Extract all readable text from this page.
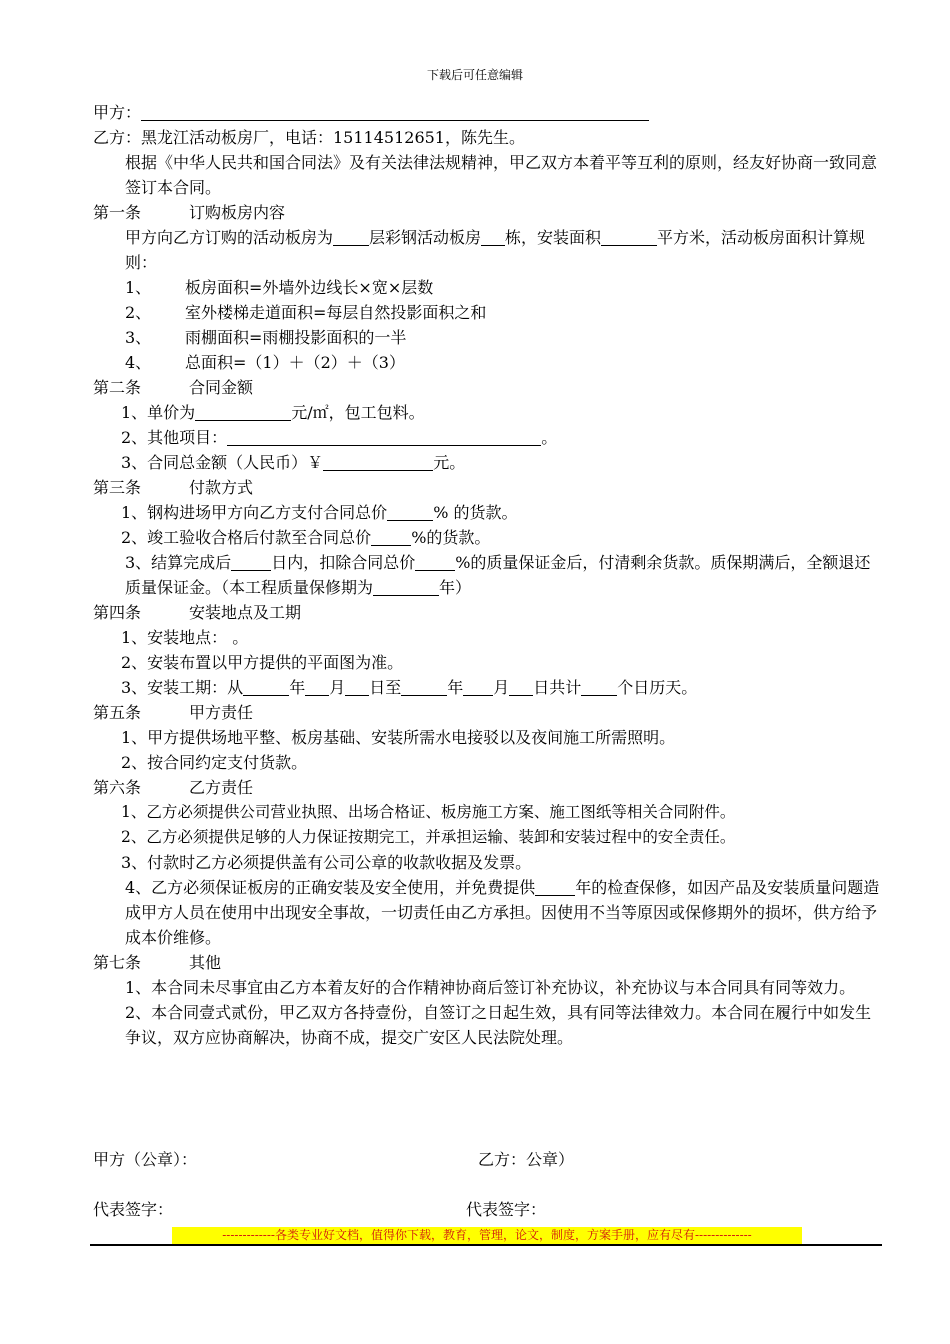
下载后可任意编辑
甲方：
乙方：黑龙江活动板房厂，电话：15114512651，陈先生。
根据《中华人民共和国合同法》及有关法律法规精神，甲乙双方本着平等互利的原则，经友好协商一致同意签订本合同。
第一条	订购板房内容
甲方向乙方订购的活动板房为 层彩钢活动板房 栋，安装面积	平方米，活动板房面积计算规则：
1、 板房面积=外墙外边线长×宽×层数
2、 室外楼梯走道面积=每层自然投影面积之和
3、 雨棚面积=雨棚投影面积的一半
4、 总面积=（1）＋（2）＋（3）
第二条	合同金额
1、单价为	元/㎡，包工包料。
2、其他项目：	。
3、合同总金额（人民币）￥	元。
第三条	付款方式
1、钢构进场甲方向乙方支付合同总价	% 的货款。
2、竣工验收合格后付款至合同总价	%的货款。
3、结算完成后	日内，扣除合同总价	%的质量保证金后，付清剩余货款。质保期满后，全额退还质量保证金。（本工程质量保修期为	年）
第四条	安装地点及工期
1、安装地点： 。
2、安装布置以甲方提供的平面图为准。
3、安装工期：从	年 月 日至	年 月 日共计 个日历天。
第五条	甲方责任
1、甲方提供场地平整、板房基础、安装所需水电接驳以及夜间施工所需照明。
2、按合同约定支付货款。
第六条	乙方责任
1、乙方必须提供公司营业执照、出场合格证、板房施工方案、施工图纸等相关合同附件。
2、乙方必须提供足够的人力保证按期完工，并承担运输、装卸和安装过程中的安全责任。
3、付款时乙方必须提供盖有公司公章的收款收据及发票。
4、乙方必须保证板房的正确安装及安全使用，并免费提供	年的检查保修，如因产品及安装质量问题造成甲方人员在使用中出现安全事故，一切责任由乙方承担。因使用不当等原因或保修期外的损坏，供方给予成本价维修。
第七条	其他
1、本合同未尽事宜由乙方本着友好的合作精神协商后签订补充协议，补充协议与本合同具有同等效力。
2、本合同壹式贰份，甲乙双方各持壹份，自签订之日起生效，具有同等法律效力。本合同在履行中如发生争议，双方应协商解决，协商不成，提交广安区人民法院处理。
甲方（公章）：	乙方：公章）
代表签字：	代表签字：
-------------各类专业好文档，值得你下载，教育，管理，论文，制度，方案手册，应有尽有--------------
